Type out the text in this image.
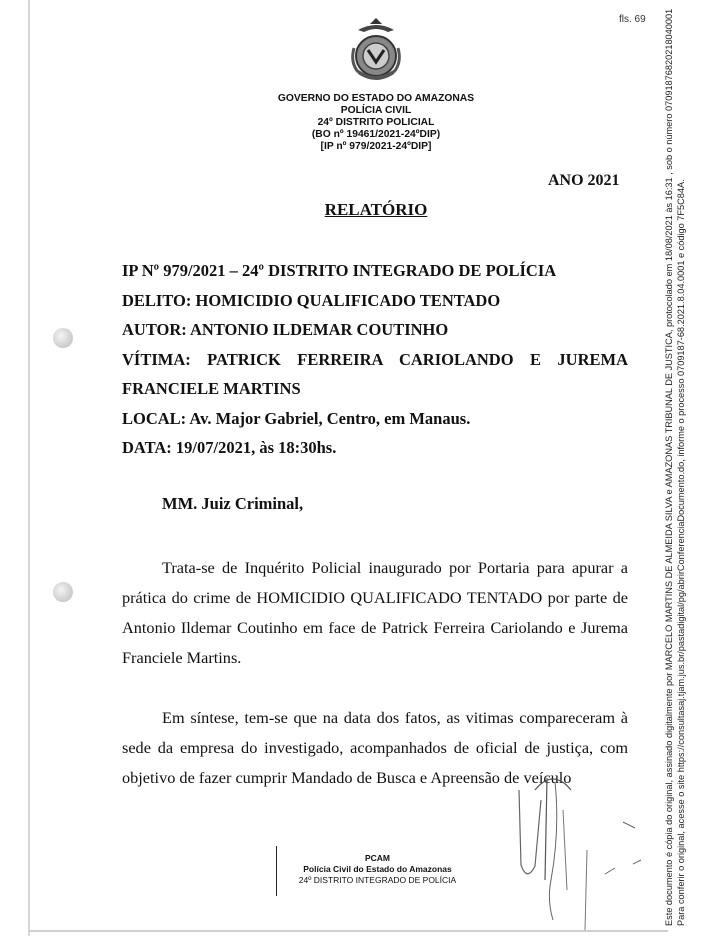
fls. 69
GOVERNO DO ESTADO DO AMAZONAS
POLÍCIA CIVIL
24º DISTRITO POLICIAL
(BO nº 19461/2021-24ºDIP)
[IP nº 979/2021-24ºDIP]
ANO 2021
RELATÓRIO
IP Nº 979/2021 – 24º DISTRITO INTEGRADO DE POLÍCIA
DELITO: HOMICIDIO QUALIFICADO TENTADO
AUTOR: ANTONIO ILDEMAR COUTINHO
VÍTIMA: PATRICK FERREIRA CARIOLANDO E JUREMA
FRANCIELE MARTINS
LOCAL: Av. Major Gabriel, Centro, em Manaus.
DATA: 19/07/2021, às 18:30hs.
MM. Juiz Criminal,
Trata-se de Inquérito Policial inaugurado por Portaria para apurar a prática do crime de HOMICIDIO QUALIFICADO TENTADO por parte de Antonio Ildemar Coutinho em face de Patrick Ferreira Cariolando e Jurema Franciele Martins.
Em síntese, tem-se que na data dos fatos, as vitimas compareceram à sede da empresa do investigado, acompanhados de oficial de justiça, com objetivo de fazer cumprir Mandado de Busca e Apreensão de veículo
PCAM
Polícia Civil do Estado do Amazonas
24º DISTRITO INTEGRADO DE POLÍCIA	Este documento é cópia do original, assinado digitalmente por MARCELO MARTINS DE ALMEIDA SILVA e AMAZONAS TRIBUNAL DE JUSTICA, protocolado em 18/08/2021 às 16:31 , sob o número 07091876820218040001 Para conferir o original, acesse o site https://consultasaj.tjam.jus.br/pastadigital/pg/abrirConferenciaDocumento.do, informe o processo 0709187-68.2021.8.04.0001 e código 7F5C84A.
